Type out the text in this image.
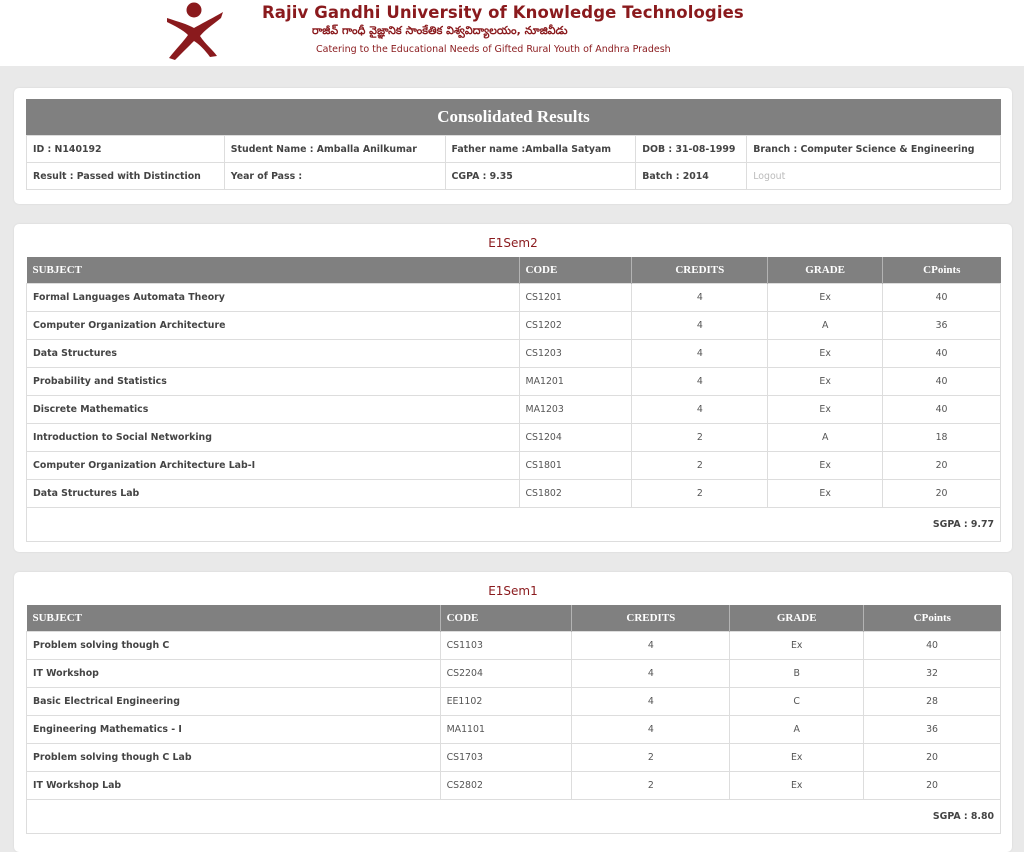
Rajiv Gandhi University of Knowledge Technologies
రాజీవ్ గాంధీ వైజ్ఞానిక సాంకేతిక విశ్వవిద్యాలయం, నూజివీడు
Catering to the Educational Needs of Gifted Rural Youth of Andhra Pradesh
Consolidated Results
ID : N140192	Student Name : Amballa Anilkumar	Father name :Amballa Satyam	DOB : 31-08-1999	Branch : Computer Science & Engineering
Result : Passed with Distinction	Year of Pass :	CGPA : 9.35	Batch : 2014	Logout
E1Sem2
SUBJECT	CODE	CREDITS	GRADE	CPoints
Formal Languages Automata Theory	CS1201	4	Ex	40
Computer Organization Architecture	CS1202	4	A	36
Data Structures	CS1203	4	Ex	40
Probability and Statistics	MA1201	4	Ex	40
Discrete Mathematics	MA1203	4	Ex	40
Introduction to Social Networking	CS1204	2	A	18
Computer Organization Architecture Lab-I	CS1801	2	Ex	20
Data Structures Lab	CS1802	2	Ex	20
SGPA : 9.77				
E1Sem1
SUBJECT	CODE	CREDITS	GRADE	CPoints
Problem solving though C	CS1103	4	Ex	40
IT Workshop	CS2204	4	B	32
Basic Electrical Engineering	EE1102	4	C	28
Engineering Mathematics - I	MA1101	4	A	36
Problem solving though C Lab	CS1703	2	Ex	20
IT Workshop Lab	CS2802	2	Ex	20
SGPA : 8.80				
